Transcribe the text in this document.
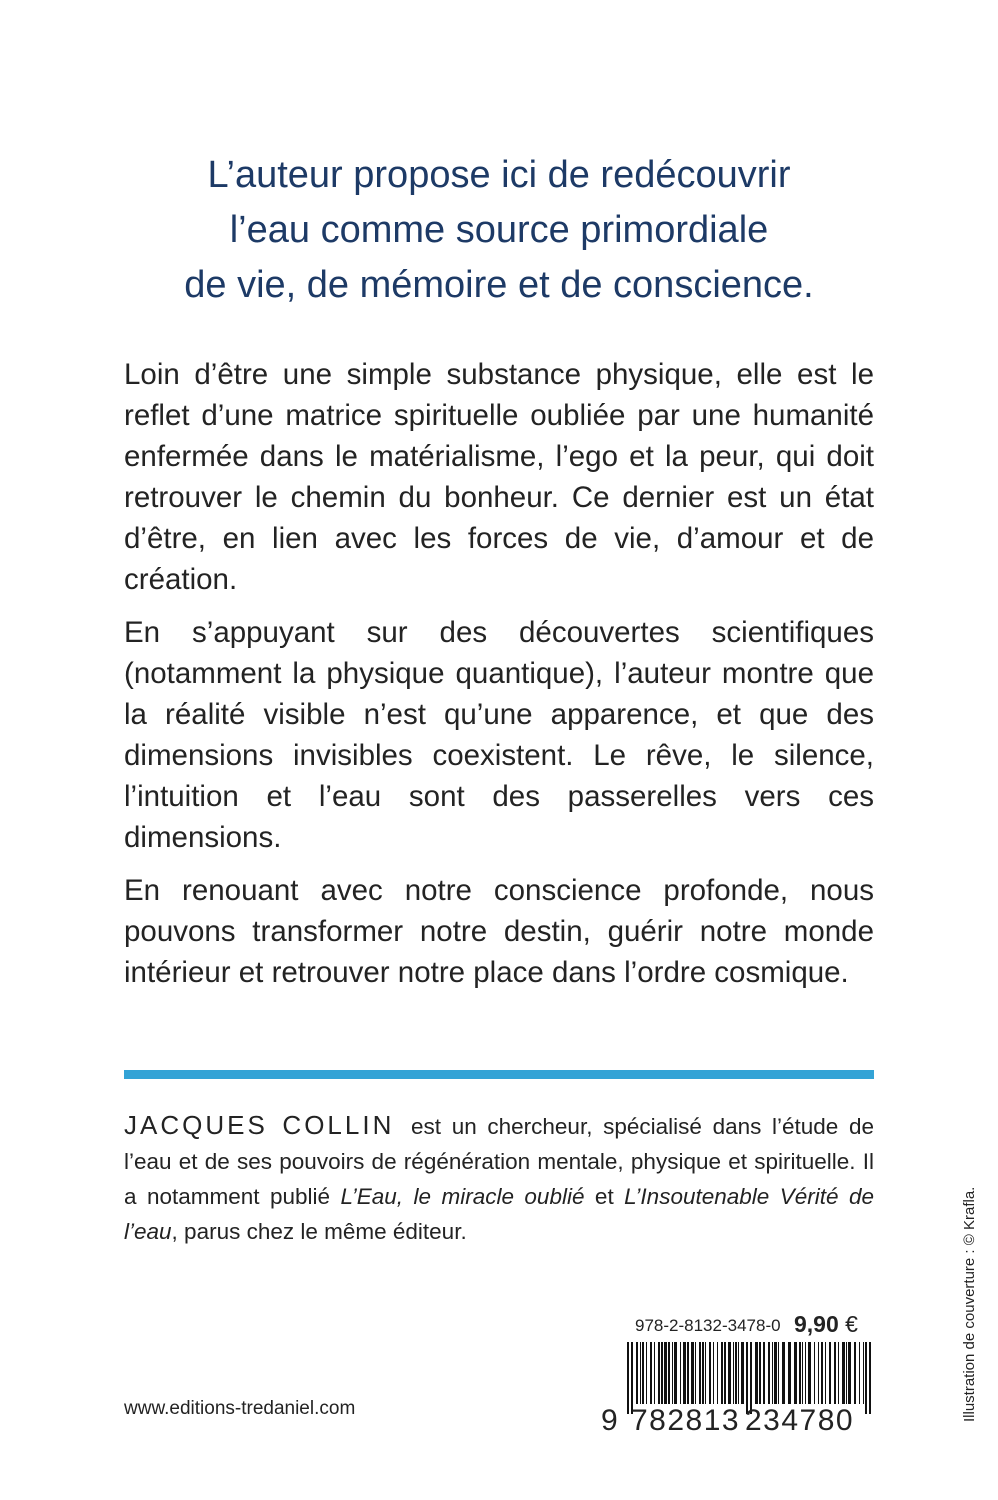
L’auteur propose ici de redécouvrir
l’eau comme source primordiale
de vie, de mémoire et de conscience.

Loin d’être une simple substance physique, elle est le reflet d’une matrice spirituelle oubliée par une humanité enfermée dans le matérialisme, l’ego et la peur, qui doit retrouver le chemin du bonheur. Ce dernier est un état d’être, en lien avec les forces de vie, d’amour et de création.

En s’appuyant sur des découvertes scientifiques (notamment la physique quantique), l’auteur montre que la réalité visible n’est qu’une apparence, et que des dimensions invisibles coexistent. Le rêve, le silence, l’intuition et l’eau sont des passerelles vers ces dimensions.

En renouant avec notre conscience profonde, nous pouvons transformer notre destin, guérir notre monde intérieur et retrouver notre place dans l’ordre cosmique.

JACQUES COLLIN est un chercheur, spécialisé dans l’étude de l’eau et de ses pouvoirs de régénération mentale, physique et spirituelle. Il a notamment publié L’Eau, le miracle oublié et L’Insoutenable Vérité de l’eau, parus chez le même éditeur.

www.editions-tredaniel.com
978-2-8132-3478-0 9,90 €
9 782813 234780	Illustration de couverture : © Krafla.
